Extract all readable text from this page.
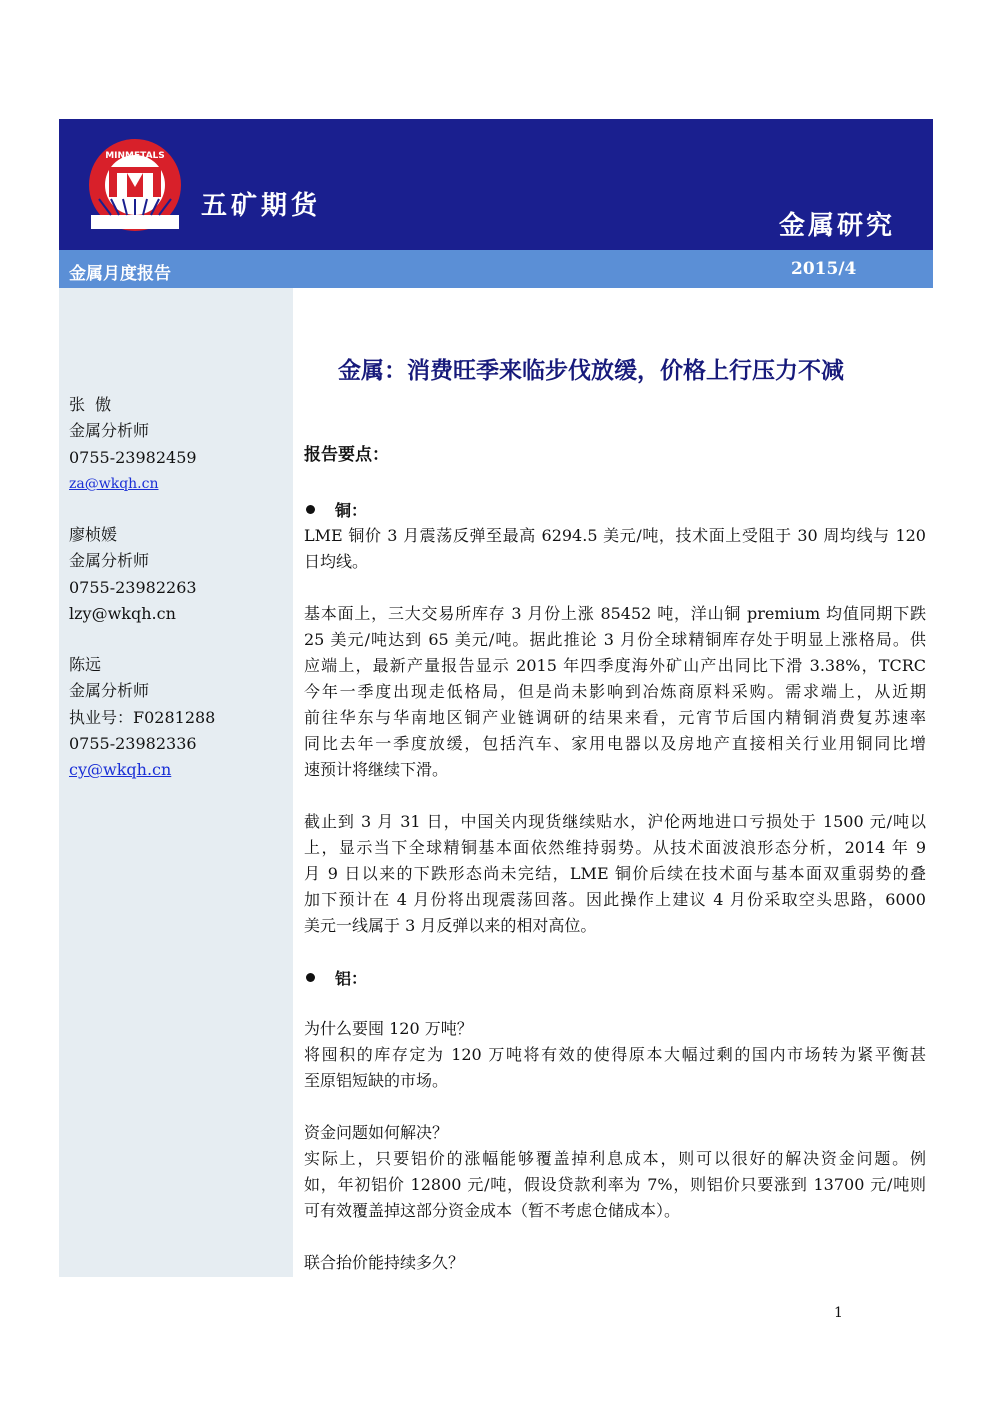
MINMETALS
五矿期货
金属研究
金属月度报告	2015/4
张  傲
金属分析师
0755-23982459
za@wkqh.cn
廖桢媛
金属分析师
0755-23982263
lzy@wkqh.cn
陈远
金属分析师
执业号：F0281288
0755-23982336
cy@wkqh.cn
金属：消费旺季来临步伐放缓，价格上行压力不减
报告要点：
铜：
LME 铜价 3 月震荡反弹至最高 6294.5 美元/吨，技术面上受阻于 30 周均线与 120
日均线。
基本面上，三大交易所库存 3 月份上涨 85452 吨，洋山铜 premium 均值同期下跌
25 美元/吨达到 65 美元/吨。据此推论 3 月份全球精铜库存处于明显上涨格局。供
应端上，最新产量报告显示 2015 年四季度海外矿山产出同比下滑 3.38%，TCRC
今年一季度出现走低格局，但是尚未影响到冶炼商原料采购。需求端上，从近期
前往华东与华南地区铜产业链调研的结果来看，元宵节后国内精铜消费复苏速率
同比去年一季度放缓，包括汽车、家用电器以及房地产直接相关行业用铜同比增
速预计将继续下滑。
截止到 3 月 31 日，中国关内现货继续贴水，沪伦两地进口亏损处于 1500 元/吨以
上，显示当下全球精铜基本面依然维持弱势。从技术面波浪形态分析，2014 年 9
月 9 日以来的下跌形态尚未完结，LME 铜价后续在技术面与基本面双重弱势的叠
加下预计在 4 月份将出现震荡回落。因此操作上建议 4 月份采取空头思路，6000
美元一线属于 3 月反弹以来的相对高位。
铝：
为什么要囤 120 万吨？
将囤积的库存定为 120 万吨将有效的使得原本大幅过剩的国内市场转为紧平衡甚
至原铝短缺的市场。
资金问题如何解决？
实际上，只要铝价的涨幅能够覆盖掉利息成本，则可以很好的解决资金问题。例
如，年初铝价 12800 元/吨，假设贷款利率为 7%，则铝价只要涨到 13700 元/吨则
可有效覆盖掉这部分资金成本（暂不考虑仓储成本）。
联合抬价能持续多久？
1
